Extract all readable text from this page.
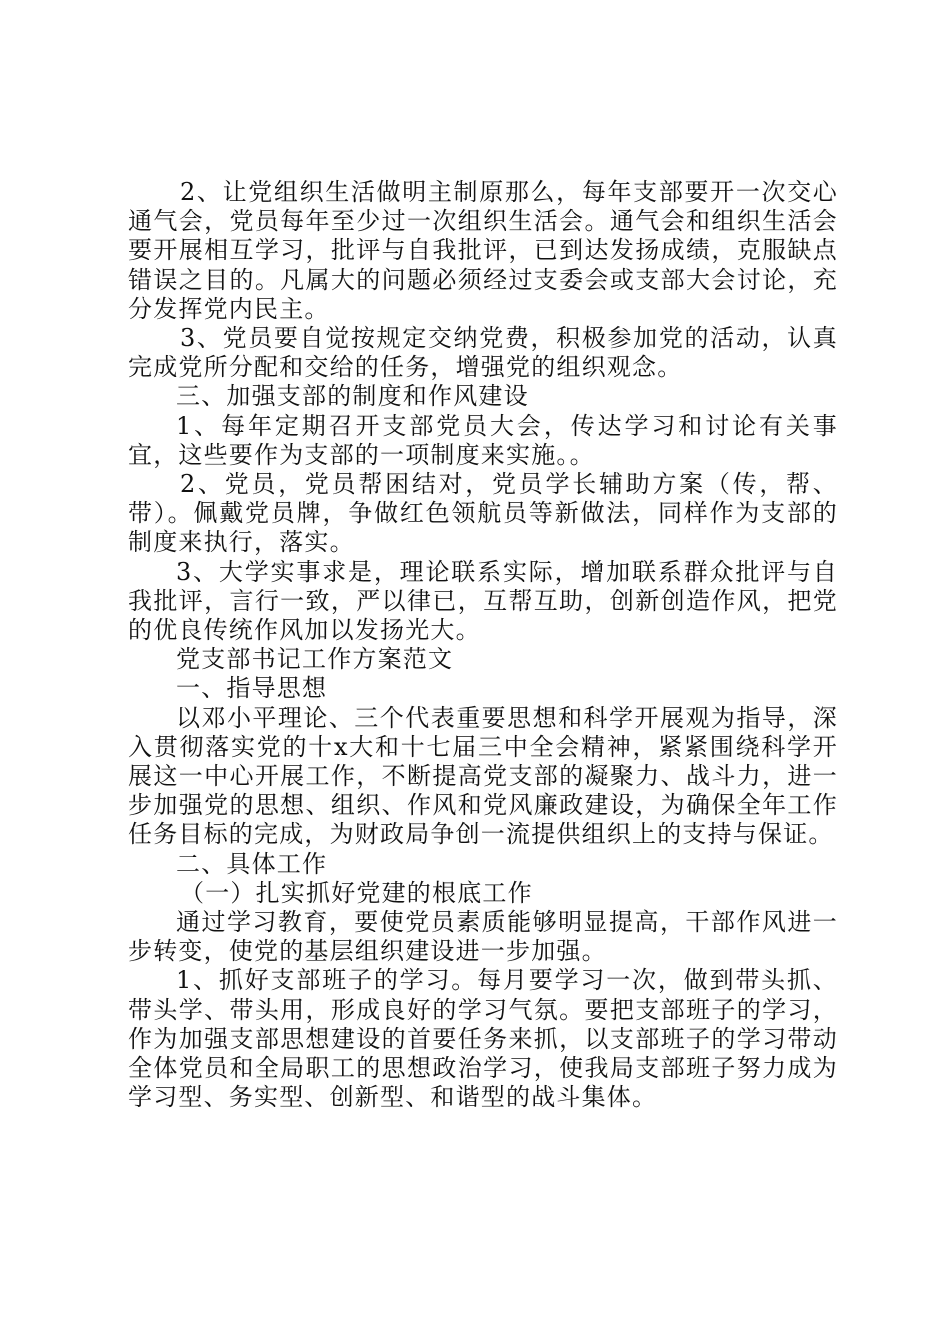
2、让党组织生活做明主制原那么，每年支部要开一次交心通气会，党员每年至少过一次组织生活会。通气会和组织生活会要开展相互学习，批评与自我批评，已到达发扬成绩，克服缺点错误之目的。凡属大的问题必须经过支委会或支部大会讨论，充分发挥党内民主。

3、党员要自觉按规定交纳党费，积极参加党的活动，认真完成党所分配和交给的任务，增强党的组织观念。

三、加强支部的制度和作风建设

1、每年定期召开支部党员大会，传达学习和讨论有关事宜，这些要作为支部的一项制度来实施。。

2、党员，党员帮困结对，党员学长辅助方案（传，帮、带）。佩戴党员牌，争做红色领航员等新做法，同样作为支部的制度来执行，落实。

3、大学实事求是，理论联系实际，增加联系群众批评与自我批评，言行一致，严以律已，互帮互助，创新创造作风，把党的优良传统作风加以发扬光大。

党支部书记工作方案范文

一、指导思想

以邓小平理论、三个代表重要思想和科学开展观为指导，深入贯彻落实党的十x大和十七届三中全会精神，紧紧围绕科学开展这一中心开展工作，不断提高党支部的凝聚力、战斗力，进一步加强党的思想、组织、作风和党风廉政建设，为确保全年工作任务目标的完成，为财政局争创一流提供组织上的支持与保证。

二、具体工作

（一）扎实抓好党建的根底工作

通过学习教育，要使党员素质能够明显提高，干部作风进一步转变，使党的基层组织建设进一步加强。

1、抓好支部班子的学习。每月要学习一次，做到带头抓、带头学、带头用，形成良好的学习气氛。要把支部班子的学习，作为加强支部思想建设的首要任务来抓，以支部班子的学习带动全体党员和全局职工的思想政治学习，使我局支部班子努力成为学习型、务实型、创新型、和谐型的战斗集体。
